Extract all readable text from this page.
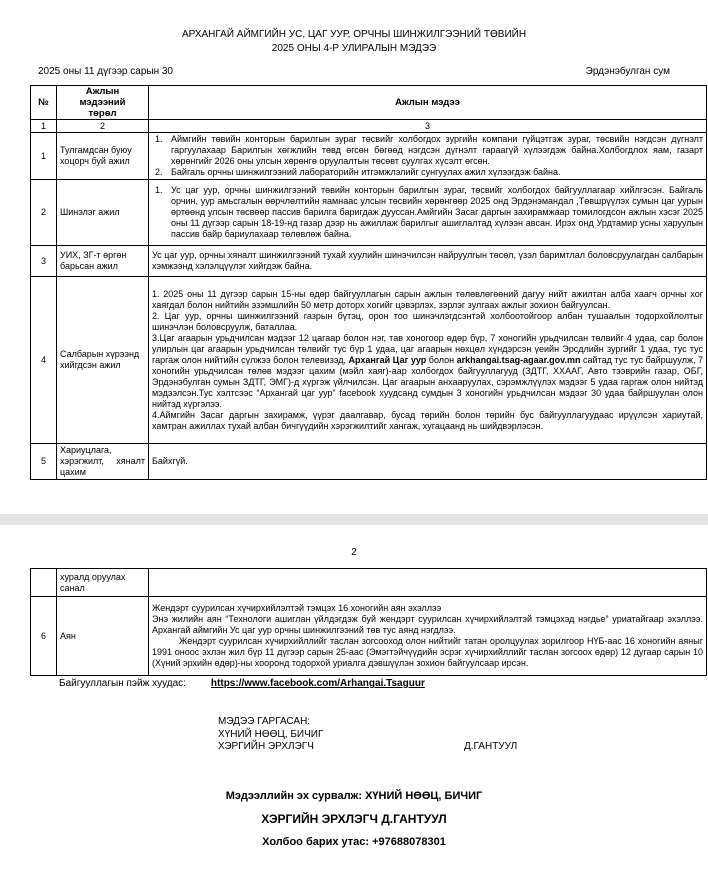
АРХАНГАЙ АЙМГИЙН УС, ЦАГ УУР, ОРЧНЫ ШИНЖИЛГЭЭНИЙ ТӨВИЙН
2025 ОНЫ 4-Р УЛИРАЛЫН МЭДЭЭ
2025 оны 11 дүгээр сарын 30	Эрдэнэбулган сум
№	Ажлын мэдээний төрөл	Ажлын мэдээ
1	2	3
1	Тулгамдсан буюу хоцорч буй ажил	1. Аймгийн төвийн конторын барилгын зураг төсвийг холбогдох зургийн компани гүйцэтгэж зураг, төсвийн нэгдсэн дүгнэлт гаргуулахаар Барилгын хөгжлийн төвд өгсөн бөгөөд нэгдсэн дүгнэлт гараагүй хүлээгдэж байна.Холбогдлох яам, газарт хөрөнгийг 2026 оны улсын хөрөнгө оруулалтын төсөвт суулгах хүсэлт өгсөн.
2. Байгаль орчны шинжилгээний лабораторийн итгэмжлэлийг сунгуулах ажил хүлээгдэж байна.

2	Шинэлэг ажил	1. Ус цаг уур, орчны шинжилгээний төвийн конторын барилгын зураг, төсвийг холбогдох байгууллагаар хийлгэсэн. Байгаль орчин, уур амьсгалын өөрчлөлтийн яамнаас улсын төсвийн хөрөнгөөр 2025 онд Эрдэнэмандал ,Төвшрүүлэх сумын цаг уурын өртөөнд улсын төсвөөр пассив барилга баригдаж дууссан.Амйгийн Засаг даргын захирамжаар томилогдсон ажлын хэсэг 2025 оны 11 дүгээр сарын 18-19-нд газар дээр нь ажиллаж барилгыг ашиглалтад хүлээн авсан. Ирэх онд Урдтамир усны харуулын пассив байр бариулахаар төлөвлөж байна.

3	УИХ, ЗГ-т өргөн барьсан ажил	Ус цаг уур, орчны хяналт шинжилгээний тухай хуулийн шинэчилсэн найруулгын төсөл, үзэл баримтлал боловсруулагдан салбарын хэмжээнд хэлэлцүүлэг хийгдэж байна.

4	Салбарын хүрээнд хийгдсэн ажил	1. 2025 оны 11 дүгээр сарын 15-ны өдөр байгууллагын сарын ажлын төлөвлөгөөний дагуу нийт ажилтан алба хаагч орчны хог хаягдал болон нийтийн эзэмшлийн 50 метр доторх хогийг цэвэрлэх, зэрлэг зулгаах ажлыг зохион байгуулсан.
2. Цаг уур, орчны шинжилгээний газрын бүтэц, орон тоо шинэчлэгдсэнтэй холбоотойгоор албан тушаалын тодорхойлолтыг шинэчлэн боловсруулж, баталлаа.
3.Цаг агаарын урьдчилсан мэдээг 12 цагаар болон нэг, тав хоногоор өдөр бүр, 7 хоногийн урьдчилсан төлвийг 4 удаа, сар болон улирлын цаг агаарын урьдчилсан төлвийг тус бүр 1 удаа, цаг агаарын нөхцөл хүндэрсэн үеийн Эрсдлийн зургийг 1 удаа, тус тус гаргаж олон нийтийн сүлжээ болон телевизэд, Архангай Цаг уур болон arkhangai.tsag-agaar.gov.mn сайтад тус тус байршуулж, 7 хоногийн урьдчилсан төлөв мэдээг цахим (мэйл хаяг)-аар холбогдох байгууллагууд (ЗДТГ, ХХААГ, Авто тээврийн газар, ОБГ, Эрдэнэбулган сумын ЗДТГ, ЭМГ)-д хүргэж үйлчилсэн. Цаг агаарын анхааруулах, сэрэмжлүүлэх мэдээг 5 удаа гаргаж олон нийтэд мэдээлсэн.Тус хэлтсээс “Архангай цаг уур” facebook хуудсанд сумдын 3 хоногийн урьдчилсан мэдээг 30 удаа байршуулан олон нийтэд хүргэлээ.
4.Аймгийн Засаг даргын захирамж, үүрэг даалгавар, бусад төрийн болон төрийн бус байгууллагуудаас ирүүлсэн хариутай, хамтран ажиллах тухай албан бичгүүдийн хэрэгжилтийг хангаж, хугацаанд нь шийдвэрлэсэн.

5	Хариуцлага, хэрэгжилт, хяналт цахим	Байхгүй.
2
	хуралд оруулах санал	
6	Аян	Жендэрт суурилсан хүчирхийлэлтэй тэмцэх 16 хоногийн аян эхэллээ
Энэ жилийн аян “Технологи ашиглан үйлдэгдэж буй жендэрт суурилсан хүчирхийлэлтэй тэмцэхэд нэгдье” уриатайгаар эхэллээ. Архангай аймгийн Ус цаг уур орчны шинжилгээний төв тус аянд нэгдлээ.
Жендэрт суурилсан хүчирхийллийг таслан зогсооход олон нийтийг татан оролцуулах зорилгоор НҮБ-аас 16 хоногийн аяныг 1991 оноос эхлэн жил бүр 11 дүгээр сарын 25-аас (Эмэгтэйчүүдийн эсрэг хүчирхийллийг таслан зогсоох өдөр) 12 дугаар сарын 10 (Хүний эрхийн өдөр)-ны хооронд тодорхой уриалга дэвшүүлэн зохион байгуулсаар ирсэн.
Байгууллагын пэйж хуудас:	https://www.facebook.com/Arhangai.Tsaguur
МЭДЭЭ ГАРГАСАН:
ХҮНИЙ НӨӨЦ, БИЧИГ
ХЭРГИЙН ЭРХЛЭГЧ	Д.ГАНТУУЛ
Мэдээллийн эх сурвалж: ХҮНИЙ НӨӨЦ, БИЧИГ
ХЭРГИЙН ЭРХЛЭГЧ Д.ГАНТУУЛ
Холбоо барих утас: +97688078301
